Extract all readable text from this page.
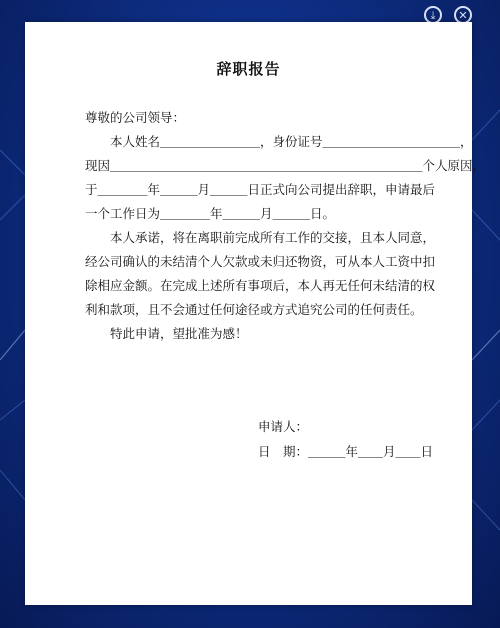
⤓	✕
辞职报告
尊敬的公司领导：
　　本人姓名＿＿＿＿＿＿＿＿，身份证号＿＿＿＿＿＿＿＿＿＿＿，
现因＿＿＿＿＿＿＿＿＿＿＿＿＿＿＿＿＿＿＿＿＿＿＿＿＿个人原因，
于＿＿＿＿年＿＿＿月＿＿＿日正式向公司提出辞职，申请最后
一个工作日为＿＿＿＿年＿＿＿月＿＿＿日。
　　本人承诺，将在离职前完成所有工作的交接，且本人同意，
经公司确认的未结清个人欠款或未归还物资，可从本人工资中扣
除相应金额。在完成上述所有事项后，本人再无任何未结清的权
利和款项，且不会通过任何途径或方式追究公司的任何责任。
　　特此申请，望批准为感！
申请人：
日　期：＿＿＿年＿＿月＿＿日
